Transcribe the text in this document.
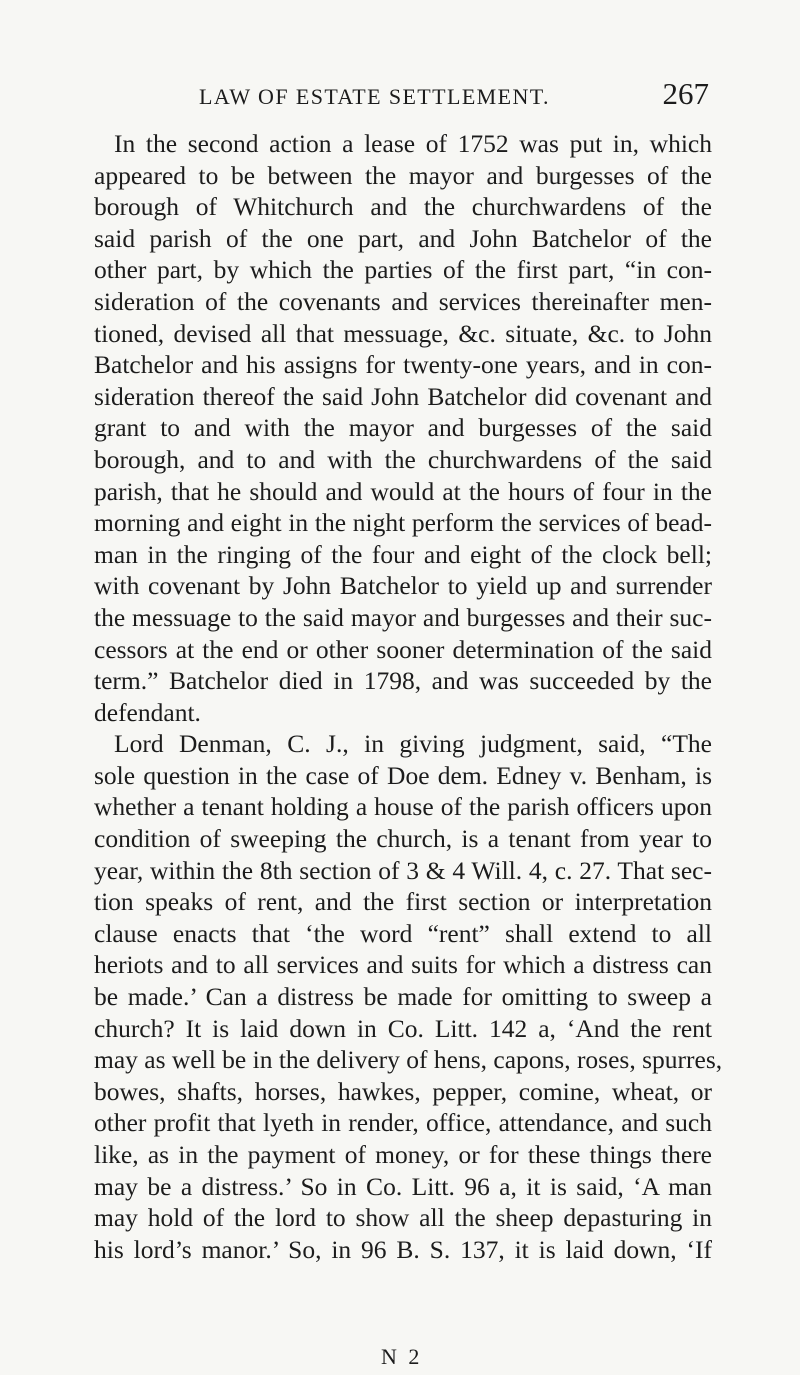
LAW OF ESTATE SETTLEMENT.	267
In the second action a lease of 1752 was put in, which
appeared to be between the mayor and burgesses of the
borough of Whitchurch and the churchwardens of the
said parish of the one part, and John Batchelor of the
other part, by which the parties of the first part, “in con-
sideration of the covenants and services thereinafter men-
tioned, devised all that messuage, &c. situate, &c. to John
Batchelor and his assigns for twenty-one years, and in con-
sideration thereof the said John Batchelor did covenant and
grant to and with the mayor and burgesses of the said
borough, and to and with the churchwardens of the said
parish, that he should and would at the hours of four in the
morning and eight in the night perform the services of bead-
man in the ringing of the four and eight of the clock bell;
with covenant by John Batchelor to yield up and surrender
the messuage to the said mayor and burgesses and their suc-
cessors at the end or other sooner determination of the said
term.” Batchelor died in 1798, and was succeeded by the
defendant.
Lord Denman, C. J., in giving judgment, said, “The
sole question in the case of Doe dem. Edney v. Benham, is
whether a tenant holding a house of the parish officers upon
condition of sweeping the church, is a tenant from year to
year, within the 8th section of 3 & 4 Will. 4, c. 27. That sec-
tion speaks of rent, and the first section or interpretation
clause enacts that ‘the word “rent” shall extend to all
heriots and to all services and suits for which a distress can
be made.’ Can a distress be made for omitting to sweep a
church? It is laid down in Co. Litt. 142 a, ‘And the rent
may as well be in the delivery of hens, capons, roses, spurres,
bowes, shafts, horses, hawkes, pepper, comine, wheat, or
other profit that lyeth in render, office, attendance, and such
like, as in the payment of money, or for these things there
may be a distress.’ So in Co. Litt. 96 a, it is said, ‘A man
may hold of the lord to show all the sheep depasturing in
his lord’s manor.’ So, in 96 B. S. 137, it is laid down, ‘If
N 2
